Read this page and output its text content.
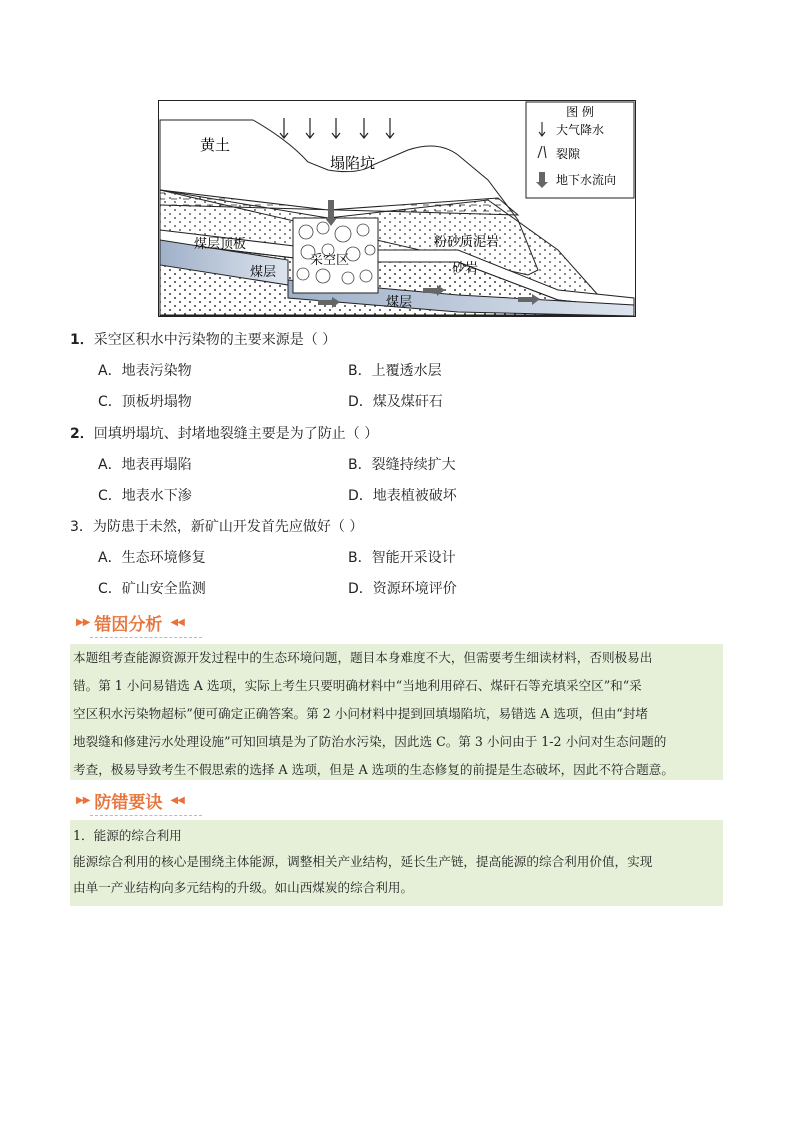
图 例
大气降水
裂隙
地下水流向
黄土
塌陷坑
煤层顶板	粉砂质泥岩
砂岩
煤层
煤层
采空区
1．采空区积水中污染物的主要来源是（ ）
A．地表污染物	B．上覆透水层
C．顶板坍塌物	D．煤及煤矸石
2．回填坍塌坑、封堵地裂缝主要是为了防止（ ）
A．地表再塌陷	B．裂缝持续扩大
C．地表水下渗	D．地表植被破坏
3．为防患于未然，新矿山开发首先应做好（ ）
A．生态环境修复	B．智能开采设计
C．矿山安全监测	D．资源环境评价
▶▶ 错因分析 ◀◀

本题组考查能源资源开发过程中的生态环境问题，题目本身难度不大，但需要考生细读材料，否则极易出

错。第 1 小问易错选 A 选项，实际上考生只要明确材料中“当地利用碎石、煤矸石等充填采空区”和“采

空区积水污染物超标”便可确定正确答案。第 2 小问材料中提到回填塌陷坑，易错选 A 选项，但由“封堵

地裂缝和修建污水处理设施”可知回填是为了防治水污染，因此选 C。第 3 小问由于 1-2 小问对生态问题的

考查，极易导致考生不假思索的选择 A 选项，但是 A 选项的生态修复的前提是生态破坏，因此不符合题意。

▶▶ 防错要诀 ◀◀

1．能源的综合利用

能源综合利用的核心是围绕主体能源，调整相关产业结构，延长生产链，提高能源的综合利用价值，实现

由单一产业结构向多元结构的升级。如山西煤炭的综合利用。
